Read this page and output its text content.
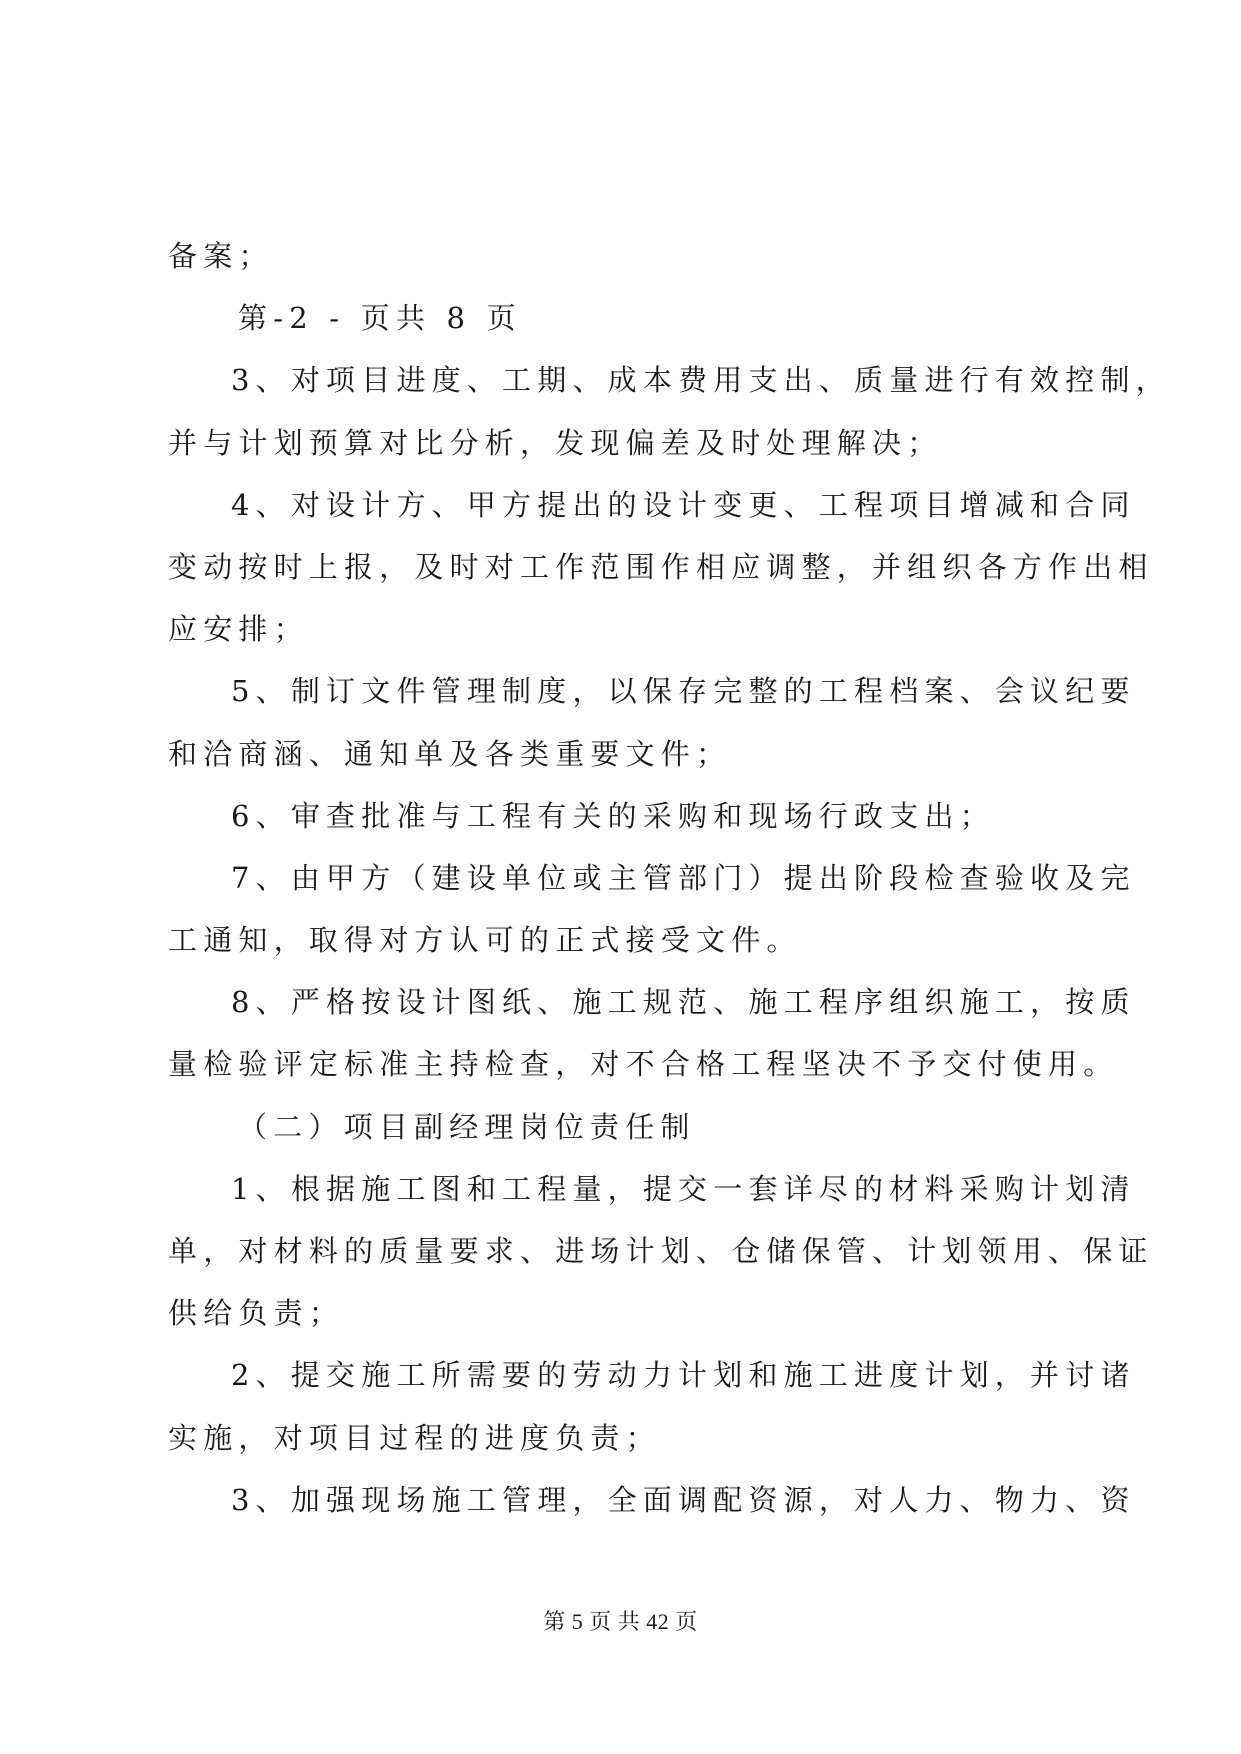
备案；
第-2 - 页共 8 页
3、对项目进度、工期、成本费用支出、质量进行有效控制，
并与计划预算对比分析，发现偏差及时处理解决；
4、对设计方、甲方提出的设计变更、工程项目增减和合同
变动按时上报，及时对工作范围作相应调整，并组织各方作出相
应安排；
5、制订文件管理制度，以保存完整的工程档案、会议纪要
和洽商涵、通知单及各类重要文件；
6、审查批准与工程有关的采购和现场行政支出；
7、由甲方（建设单位或主管部门）提出阶段检查验收及完
工通知，取得对方认可的正式接受文件。
8、严格按设计图纸、施工规范、施工程序组织施工，按质
量检验评定标准主持检查，对不合格工程坚决不予交付使用。
（二）项目副经理岗位责任制
1、根据施工图和工程量，提交一套详尽的材料采购计划清
单，对材料的质量要求、进场计划、仓储保管、计划领用、保证
供给负责；
2、提交施工所需要的劳动力计划和施工进度计划，并讨诸
实施，对项目过程的进度负责；
3、加强现场施工管理，全面调配资源，对人力、物力、资
第 5 页 共 42 页
